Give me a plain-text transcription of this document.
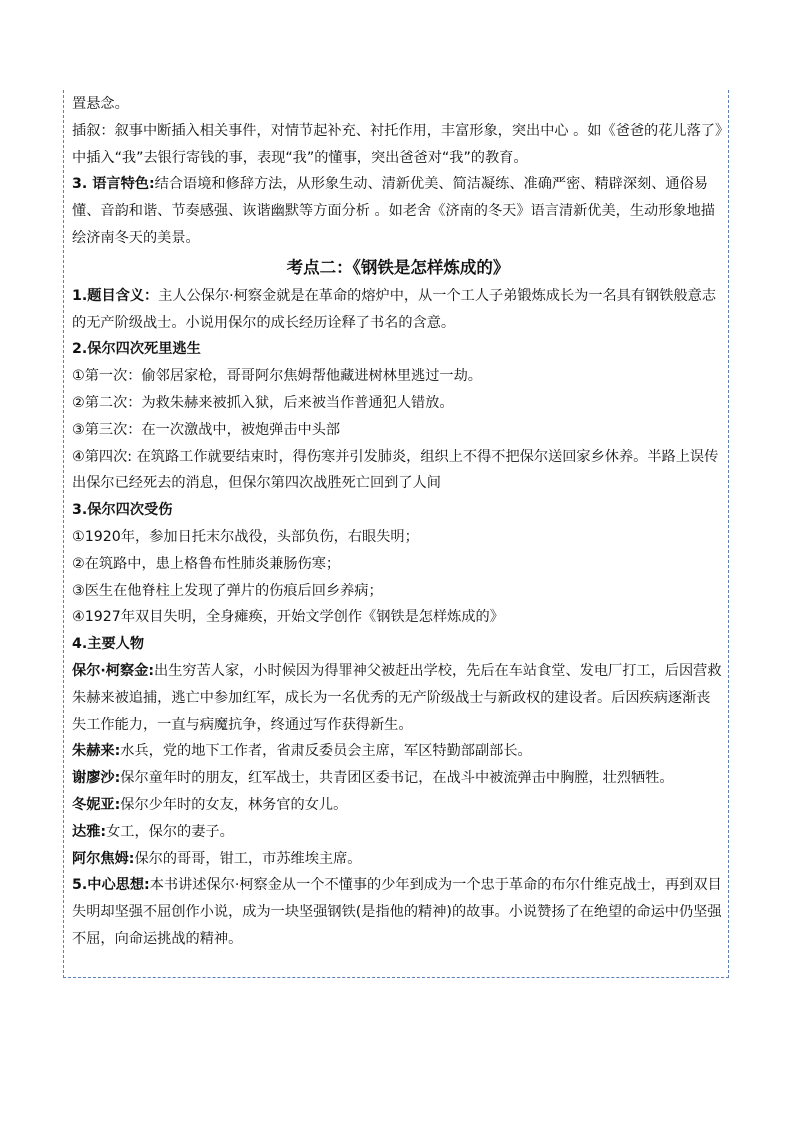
置悬念。

插叙：叙事中断插入相关事件，对情节起补充、衬托作用，丰富形象，突出中心 。如《爸爸的花儿落了》中插入“我”去银行寄钱的事，表现“我”的懂事，突出爸爸对“我”的教育。

3. 语言特色:结合语境和修辞方法，从形象生动、清新优美、简洁凝练、准确严密、精辟深刻、通俗易懂、音韵和谐、节奏感强、诙谐幽默等方面分析 。如老舍《济南的冬天》语言清新优美，生动形象地描绘济南冬天的美景。

考点二：《钢铁是怎样炼成的》

1.题目含义：主人公保尔·柯察金就是在革命的熔炉中，从一个工人子弟锻炼成长为一名具有钢铁般意志的无产阶级战士。小说用保尔的成长经历诠释了书名的含意。

2.保尔四次死里逃生

①第一次：偷邻居家枪，哥哥阿尔焦姆帮他藏进树林里逃过一劫。

②第二次：为救朱赫来被抓入狱，后来被当作普通犯人错放。

③第三次：在一次激战中，被炮弹击中头部

④第四次: 在筑路工作就要结束时，得伤寒并引发肺炎，组织上不得不把保尔送回家乡休养。半路上误传出保尔已经死去的消息，但保尔第四次战胜死亡回到了人间

3.保尔四次受伤

①1920年，参加日托末尔战役，头部负伤，右眼失明；

②在筑路中，患上格鲁布性肺炎兼肠伤寒；

③医生在他脊柱上发现了弹片的伤痕后回乡养病；

④1927年双目失明，全身瘫痪，开始文学创作《钢铁是怎样炼成的》

4.主要人物

保尔·柯察金:出生穷苦人家，小时候因为得罪神父被赶出学校，先后在车站食堂、发电厂打工，后因营救朱赫来被追捕，逃亡中参加红军，成长为一名优秀的无产阶级战士与新政权的建设者。后因疾病逐渐丧失工作能力，一直与病魔抗争，终通过写作获得新生。

朱赫来:水兵，党的地下工作者，省肃反委员会主席，军区特勤部副部长。

谢廖沙:保尔童年时的朋友，红军战士，共青团区委书记，在战斗中被流弹击中胸膛，壮烈牺牲。

冬妮亚:保尔少年时的女友，林务官的女儿。

达雅:女工，保尔的妻子。

阿尔焦姆:保尔的哥哥，钳工，市苏维埃主席。

5.中心思想:本书讲述保尔·柯察金从一个不懂事的少年到成为一个忠于革命的布尔什维克战士，再到双目失明却坚强不屈创作小说，成为一块坚强钢铁(是指他的精神)的故事。小说赞扬了在绝望的命运中仍坚强不屈，向命运挑战的精神。
